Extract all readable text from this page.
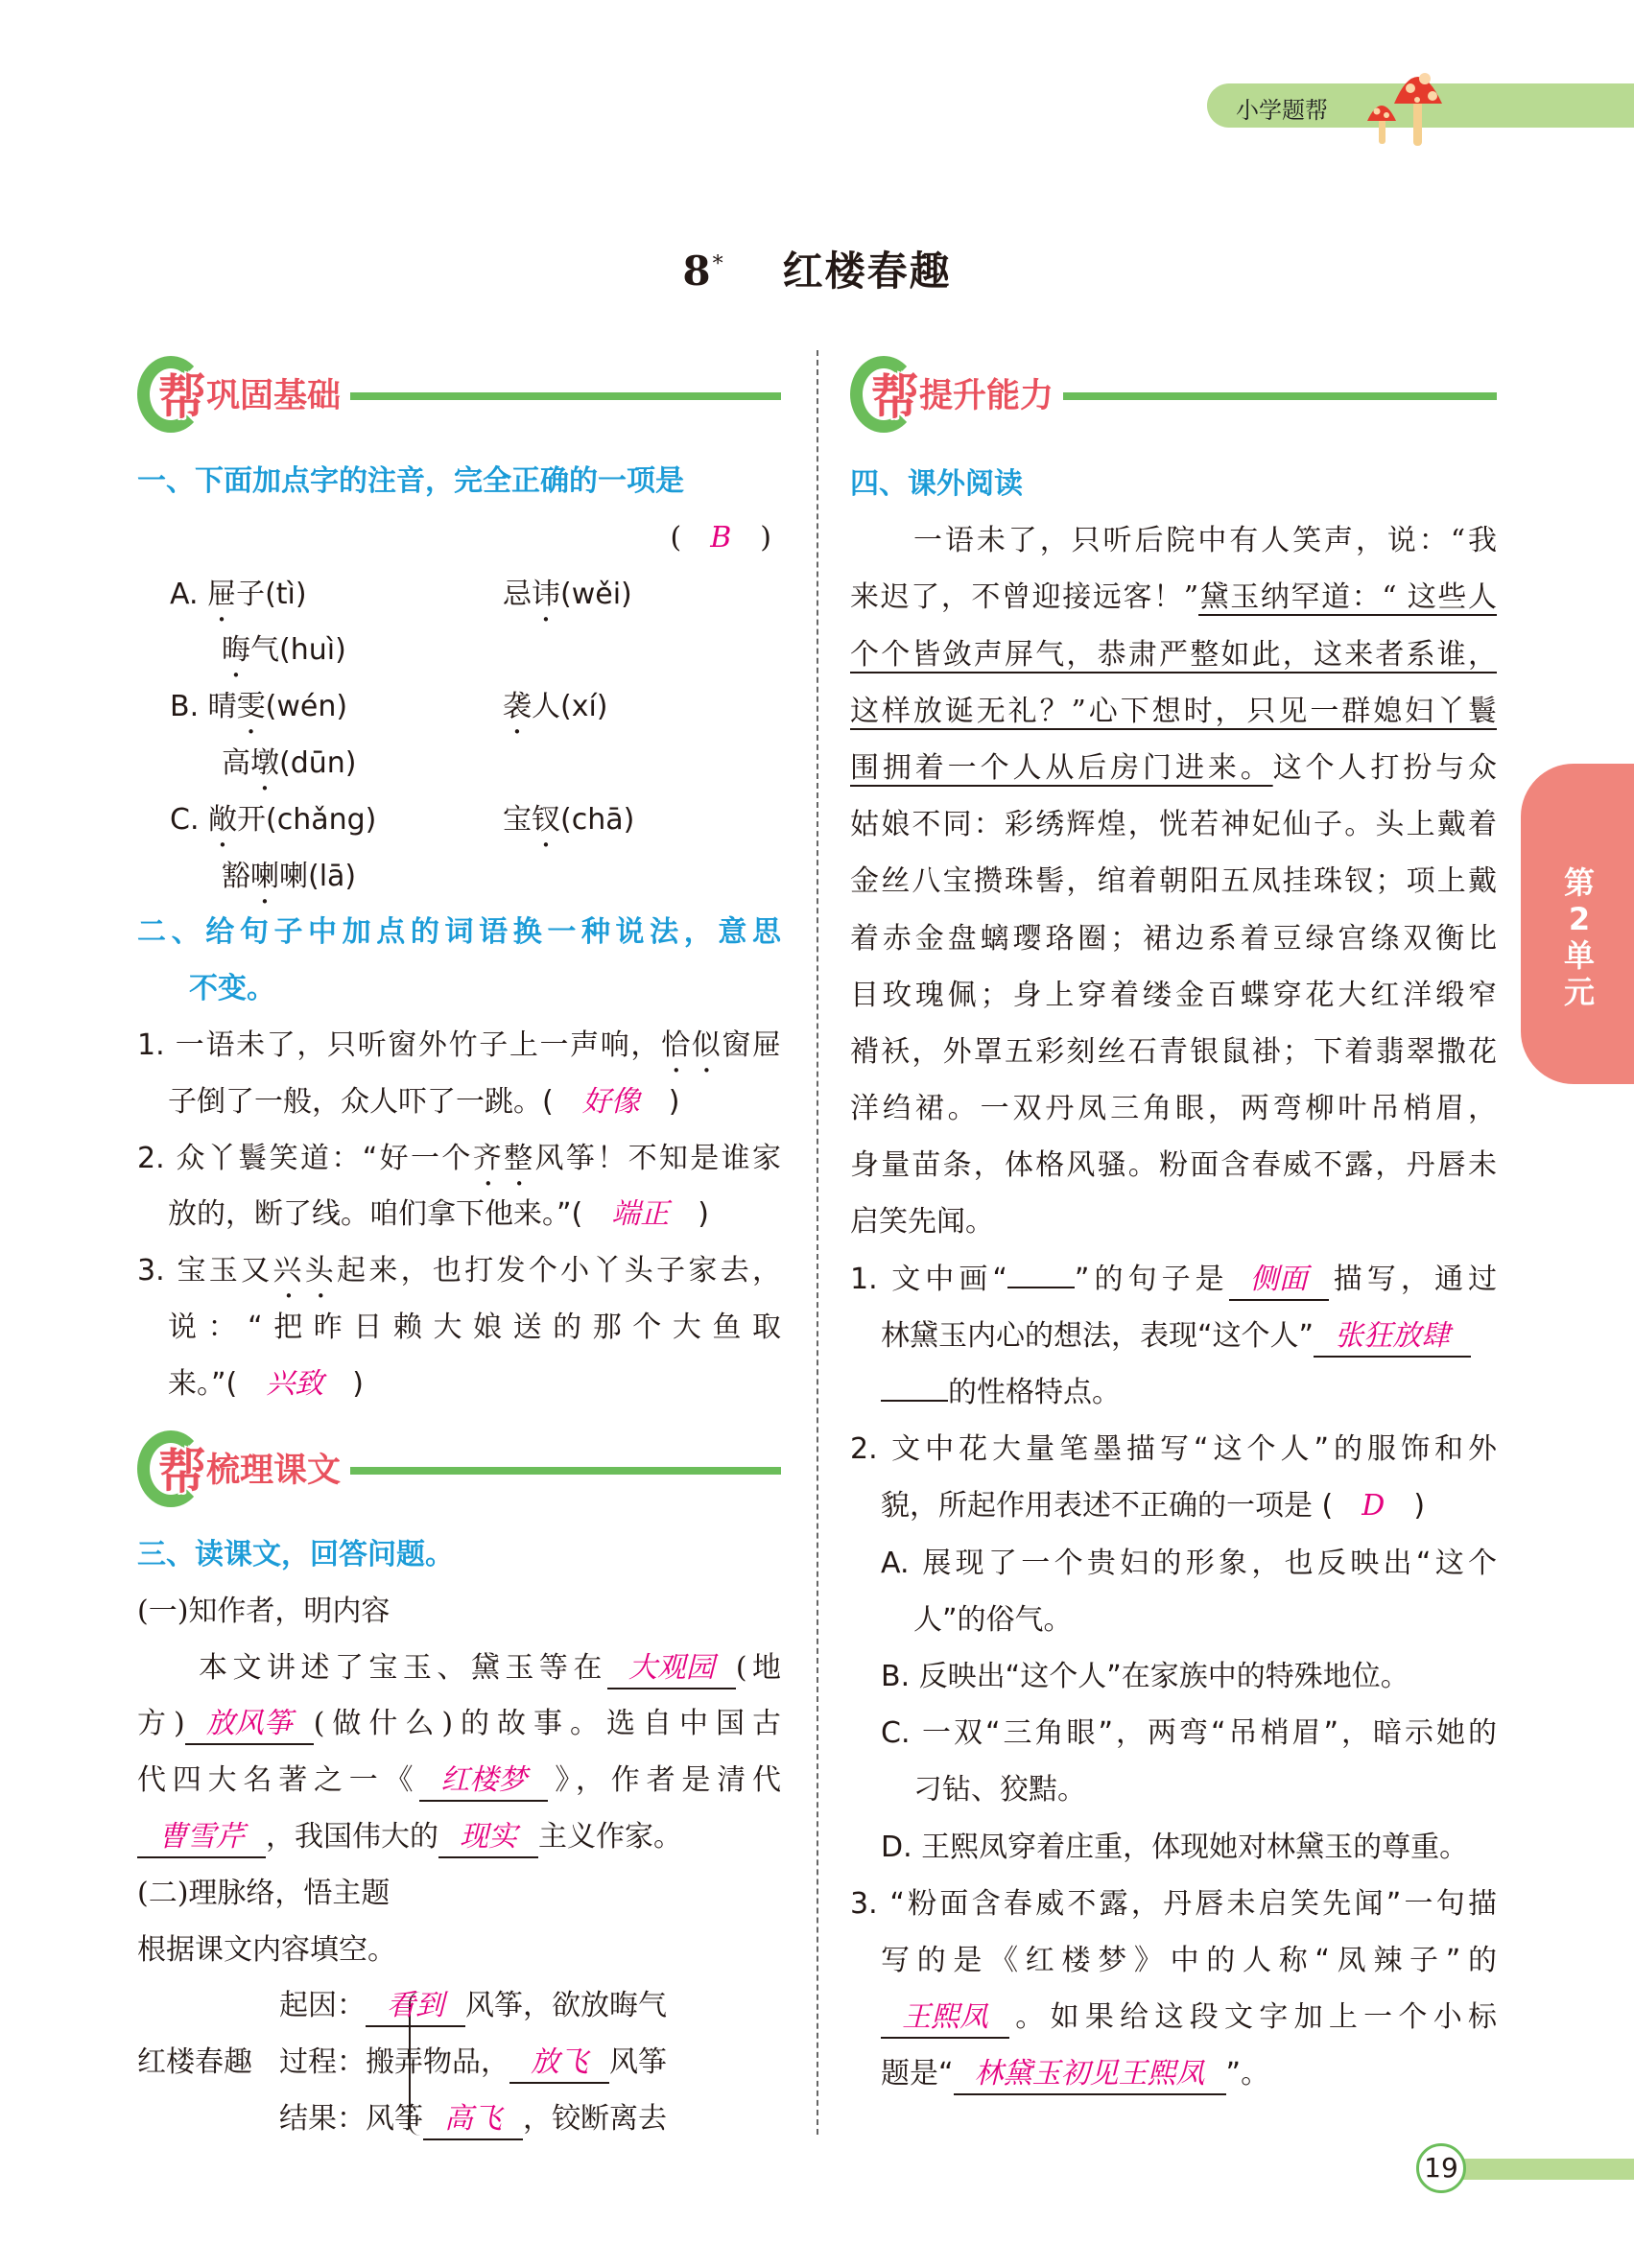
小学题帮
8* 红楼春趣
帮 巩固基础
一、下面加点字的注音，完全正确的一项是
( B )
A. 屉子(tì)	忌讳(wěi)
晦气(huì)
B. 晴雯(wén)	袭人(xí)
高墩(dūn)
C. 敞开(chǎng)	宝钗(chā)
豁喇喇(lā)
二、给句子中加点的词语换一种说法，意思
不变。
1. 一语未了，只听窗外竹子上一声响，恰似窗屉
子倒了一般，众人吓了一跳。( 好像 )
2. 众丫鬟笑道：“好一个齐整风筝！不知是谁家
放的，断了线。咱们拿下他来。”( 端正 )
3. 宝玉又兴头起来，也打发个小丫头子家去，
说：“把昨日赖大娘送的那个大鱼取
来。”( 兴致 )
帮 梳理课文
三、读课文，回答问题。
(一)知作者，明内容
本文讲述了宝玉、黛玉等在 大观园 (地
方) 放风筝 (做什么)的故事。选自中国古
代四大名著之一《 红楼梦 》，作者是清代
曹雪芹 ，我国伟大的 现实 主义作家。
(二)理脉络，悟主题
根据课文内容填空。
红楼春趣
起因： 看到 风筝，欲放晦气
过程：搬弄物品， 放飞 风筝
结果：风筝 高飞 ，铰断离去
帮 提升能力
四、课外阅读
一语未了，只听后院中有人笑声，说：“我
来迟了，不曾迎接远客！”黛玉纳罕道：“ 这些人
个个皆敛声屏气，恭肃严整如此，这来者系谁，
这样放诞无礼？”心下想时，只见一群媳妇丫鬟
围拥着一个人从后房门进来。这个人打扮与众
姑娘不同：彩绣辉煌，恍若神妃仙子。头上戴着
金丝八宝攒珠髻，绾着朝阳五凤挂珠钗；项上戴
着赤金盘螭璎珞圈；裙边系着豆绿宫绦双衡比
目玫瑰佩；身上穿着缕金百蝶穿花大红洋缎窄
褙袄，外罩五彩刻丝石青银鼠褂；下着翡翠撒花
洋绉裙。一双丹凤三角眼，两弯柳叶吊梢眉，
身量苗条，体格风骚。粉面含春威不露，丹唇未
启笑先闻。
1. 文中画“ ”的句子是 侧面 描写，通过
林黛玉内心的想法，表现“这个人” 张狂放肆
的性格特点。
2. 文中花大量笔墨描写“这个人”的服饰和外
貌，所起作用表述不正确的一项是 ( D )
A. 展现了一个贵妇的形象，也反映出“这个
人”的俗气。
B. 反映出“这个人”在家族中的特殊地位。
C. 一双“三角眼”，两弯“吊梢眉”，暗示她的
刁钻、狡黠。
D. 王熙凤穿着庄重，体现她对林黛玉的尊重。
3. “粉面含春威不露，丹唇未启笑先闻”一句描
写的是《红楼梦》中的人称“凤辣子”的
王熙凤 。如果给这段文字加上一个小标
题是“ 林黛玉初见王熙凤 ”。
第2单元
19
